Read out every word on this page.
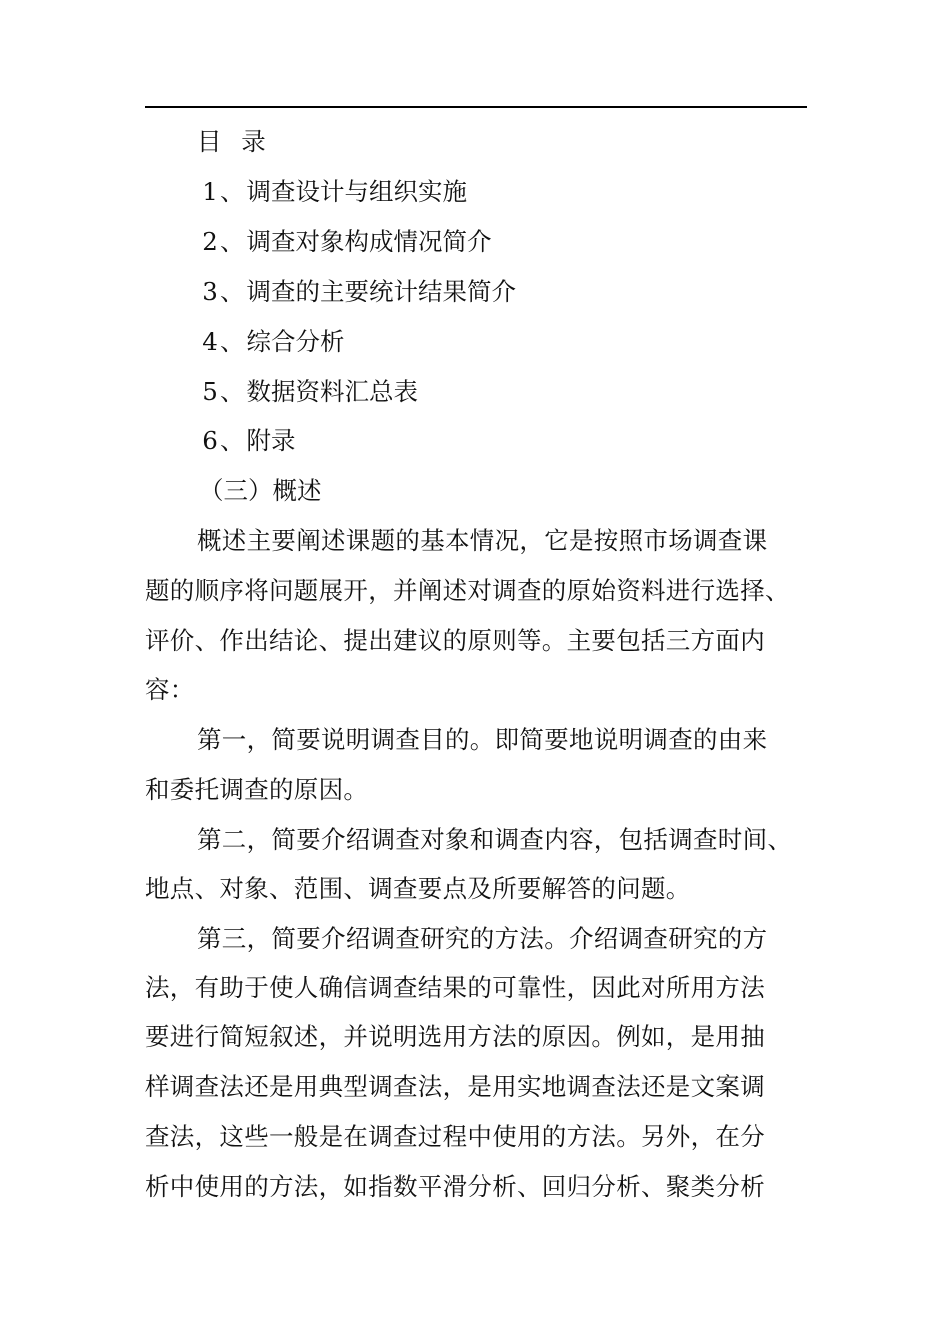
目 录
1、调查设计与组织实施
2、调查对象构成情况简介
3、调查的主要统计结果简介
4、综合分析
5、数据资料汇总表
6、附录
（三）概述
概述主要阐述课题的基本情况，它是按照市场调查课
题的顺序将问题展开，并阐述对调查的原始资料进行选择、
评价、作出结论、提出建议的原则等。主要包括三方面内
容：
第一，简要说明调查目的。即简要地说明调查的由来
和委托调查的原因。
第二，简要介绍调查对象和调查内容，包括调查时间、
地点、对象、范围、调查要点及所要解答的问题。
第三，简要介绍调查研究的方法。介绍调查研究的方
法，有助于使人确信调查结果的可靠性，因此对所用方法
要进行简短叙述，并说明选用方法的原因。例如，是用抽
样调查法还是用典型调查法，是用实地调查法还是文案调
查法，这些一般是在调查过程中使用的方法。另外，在分
析中使用的方法，如指数平滑分析、回归分析、聚类分析
